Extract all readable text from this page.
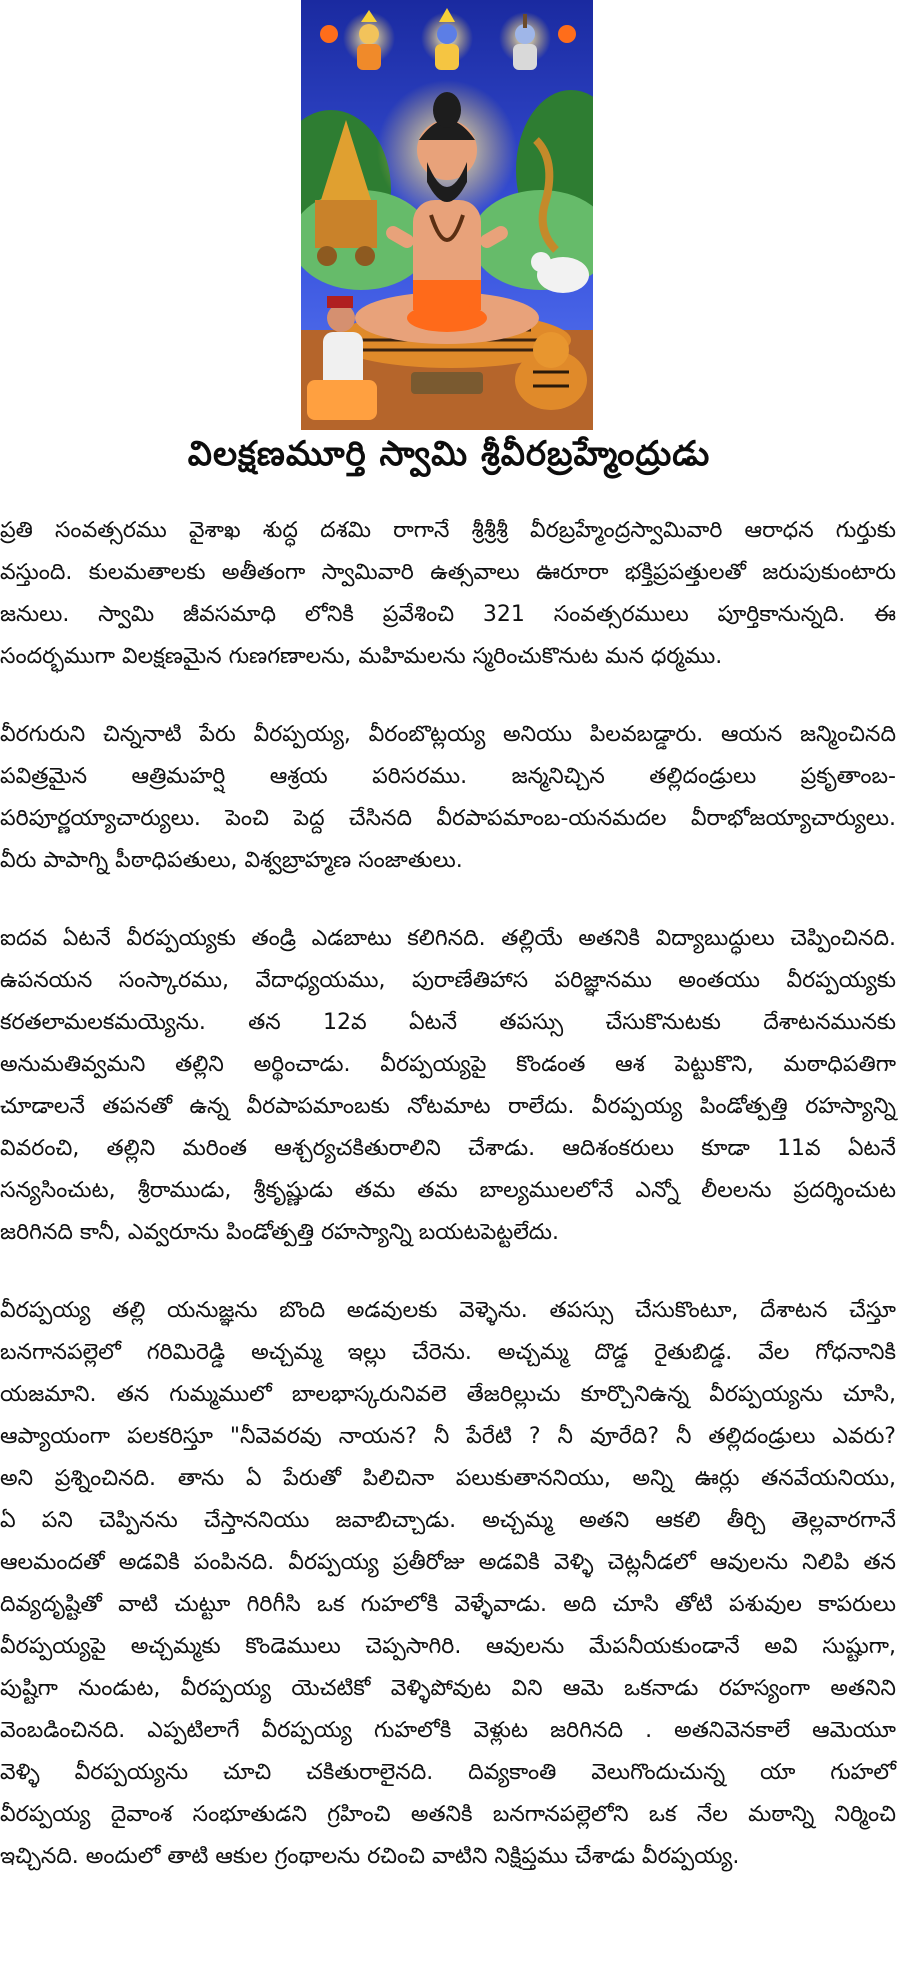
విలక్షణమూర్తి స్వామి శ్రీవీరబ్రహ్మేంద్రుడు
ప్రతి సంవత్సరము వైశాఖ శుద్ధ దశమి రాగానే శ్రీశ్రీశ్రీ వీరబ్రహ్మేంద్రస్వామివారి ఆరాధన గుర్తుకు
వస్తుంది. కులమతాలకు అతీతంగా స్వామివారి ఉత్సవాలు ఊరూరా భక్తిప్రపత్తులతో జరుపుకుంటారు
జనులు. స్వామి జీవసమాధి లోనికి ప్రవేశించి 321 సంవత్సరములు పూర్తికానున్నది. ఈ
సందర్భముగా విలక్షణమైన గుణగణాలను, మహిమలను స్మరించుకొనుట మన ధర్మము.
వీరగురుని చిన్ననాటి పేరు వీరప్పయ్య, వీరంబొట్లయ్య అనియు పిలవబడ్డారు. ఆయన జన్మించినది
పవిత్రమైన ఆత్రిమహర్షి ఆశ్రయ పరిసరము. జన్మనిచ్చిన తల్లిదండ్రులు ప్రకృతాంబ-
పరిపూర్ణయ్యాచార్యులు. పెంచి పెద్ద చేసినది వీరపాపమాంబ-యనమదల వీరాభోజయ్యాచార్యులు.
వీరు పాపాగ్ని పీఠాధిపతులు, విశ్వబ్రాహ్మణ సంజాతులు.
ఐదవ ఏటనే వీరప్పయ్యకు తండ్రి ఎడబాటు కలిగినది. తల్లియే అతనికి విద్యాబుద్ధులు చెప్పించినది.
ఉపనయన సంస్కారము, వేదాధ్యయము, పురాణేతిహాస పరిజ్ఞానము అంతయు వీరప్పయ్యకు
కరతలామలకమయ్యెను. తన 12వ ఏటనే తపస్సు చేసుకొనుటకు దేశాటనమునకు
అనుమతివ్వమని తల్లిని అర్థించాడు. వీరప్పయ్యపై కొండంత ఆశ పెట్టుకొని, మఠాధిపతిగా
చూడాలనే తపనతో ఉన్న వీరపాపమాంబకు నోటమాట రాలేదు. వీరప్పయ్య పిండోత్పత్తి రహస్యాన్ని
వివరంచి, తల్లిని మరింత ఆశ్చర్యచకితురాలిని చేశాడు. ఆదిశంకరులు కూడా 11వ ఏటనే
సన్యసించుట, శ్రీరాముడు, శ్రీకృష్ణుడు తమ తమ బాల్యములలోనే ఎన్నో లీలలను ప్రదర్శించుట
జరిగినది కానీ, ఎవ్వరూను పిండోత్పత్తి రహస్యాన్ని బయటపెట్టలేదు.
వీరప్పయ్య తల్లి యనుజ్ఞను బొంది అడవులకు వెళ్ళెను. తపస్సు చేసుకొంటూ, దేశాటన చేస్తూ
బనగానపల్లెలో గరిమిరెడ్డి అచ్చమ్మ ఇల్లు చేరెను. అచ్చమ్మ దొడ్డ రైతుబిడ్డ. వేల గోధనానికి
యజమాని. తన గుమ్మములో బాలభాస్కరునివలె తేజరిల్లుచు కూర్చొనిఉన్న వీరప్పయ్యను చూసి,
ఆప్యాయంగా పలకరిస్తూ "నీవెవరవు నాయన? నీ పేరేటి ? నీ వూరేది? నీ తల్లిదండ్రులు ఎవరు?
అని ప్రశ్నించినది. తాను ఏ పేరుతో పిలిచినా పలుకుతాననియు, అన్ని ఊర్లు తనవేయనియు,
ఏ పని చెప్పినను చేస్తాననియు జవాబిచ్చాడు. అచ్చమ్మ అతని ఆకలి తీర్చి తెల్లవారగానే
ఆలమందతో అడవికి పంపినది. వీరప్పయ్య ప్రతీరోజు అడవికి వెళ్ళి చెట్లనీడలో ఆవులను నిలిపి తన
దివ్యదృష్టితో వాటి చుట్టూ గిరిగీసి ఒక గుహలోకి వెళ్ళేవాడు. అది చూసి తోటి పశువుల కాపరులు
వీరప్పయ్యపై అచ్చమ్మకు కొండెములు చెప్పసాగిరి. ఆవులను మేపనీయకుండానే అవి సుష్టుగా,
పుష్టిగా నుండుట, వీరప్పయ్య యెచటికో వెళ్ళిపోవుట విని ఆమె ఒకనాడు రహస్యంగా అతనిని
వెంబడించినది. ఎప్పటిలాగే వీరప్పయ్య గుహలోకి వెళ్లుట జరిగినది . అతనివెనకాలే ఆమెయూ
వెళ్ళి వీరప్పయ్యను చూచి చకితురాలైనది. దివ్యకాంతి వెలుగొందుచున్న యా గుహలో
వీరప్పయ్య దైవాంశ సంభూతుడని గ్రహించి అతనికి బనగానపల్లెలోని ఒక నేల మఠాన్ని నిర్మించి
ఇచ్చినది. అందులో తాటి ఆకుల గ్రంథాలను రచించి వాటిని నిక్షిప్తము చేశాడు వీరప్పయ్య.
